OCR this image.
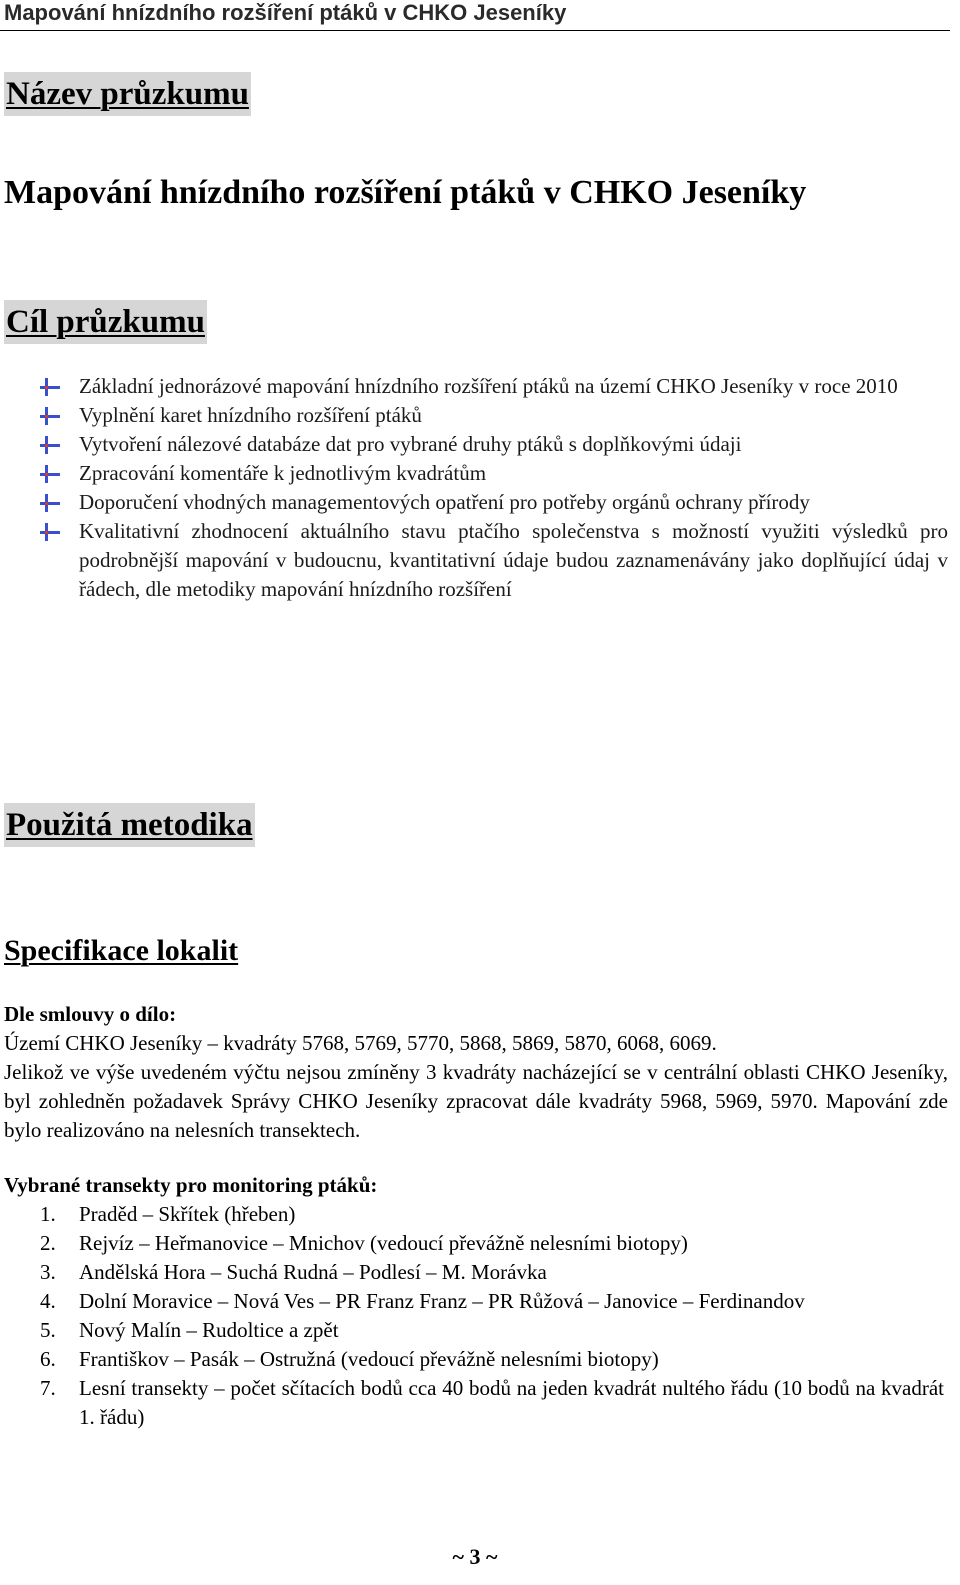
Mapování hnízdního rozšíření ptáků v CHKO Jeseníky
Název průzkumu
Mapování hnízdního rozšíření ptáků v CHKO Jeseníky
Cíl průzkumu
Základní jednorázové mapování hnízdního rozšíření ptáků na území CHKO Jeseníky v roce 2010
Vyplnění karet hnízdního rozšíření ptáků
Vytvoření nálezové databáze dat pro vybrané druhy ptáků s doplňkovými údaji
Zpracování komentáře k jednotlivým kvadrátům
Doporučení vhodných managementových opatření pro potřeby orgánů ochrany přírody
Kvalitativní zhodnocení aktuálního stavu ptačího společenstva s možností využiti výsledků pro podrobnější mapování v budoucnu, kvantitativní údaje budou zaznamenávány jako doplňující údaj v řádech, dle metodiky mapování hnízdního rozšíření
Použitá metodika
Specifikace lokalit
Dle smlouvy o dílo:
Území CHKO Jeseníky – kvadráty 5768, 5769, 5770, 5868, 5869, 5870, 6068, 6069.
Jelikož ve výše uvedeném výčtu nejsou zmíněny 3 kvadráty nacházející se v centrální oblasti CHKO Jeseníky, byl zohledněn požadavek Správy CHKO Jeseníky zpracovat dále kvadráty 5968, 5969, 5970. Mapování zde bylo realizováno na nelesních transektech.
Vybrané transekty pro monitoring ptáků:
1. Praděd – Skřítek (hřeben)
2. Rejvíz – Heřmanovice – Mnichov (vedoucí převážně nelesními biotopy)
3. Andělská Hora – Suchá Rudná – Podlesí – M. Morávka
4. Dolní Moravice – Nová Ves – PR Franz Franz – PR Růžová – Janovice – Ferdinandov
5. Nový Malín – Rudoltice a zpět
6. Františkov – Pasák – Ostružná (vedoucí převážně nelesními biotopy)
7. Lesní transekty – počet sčítacích bodů cca 40 bodů na jeden kvadrát nultého řádu (10 bodů na kvadrát 1. řádu)
~ 3 ~
